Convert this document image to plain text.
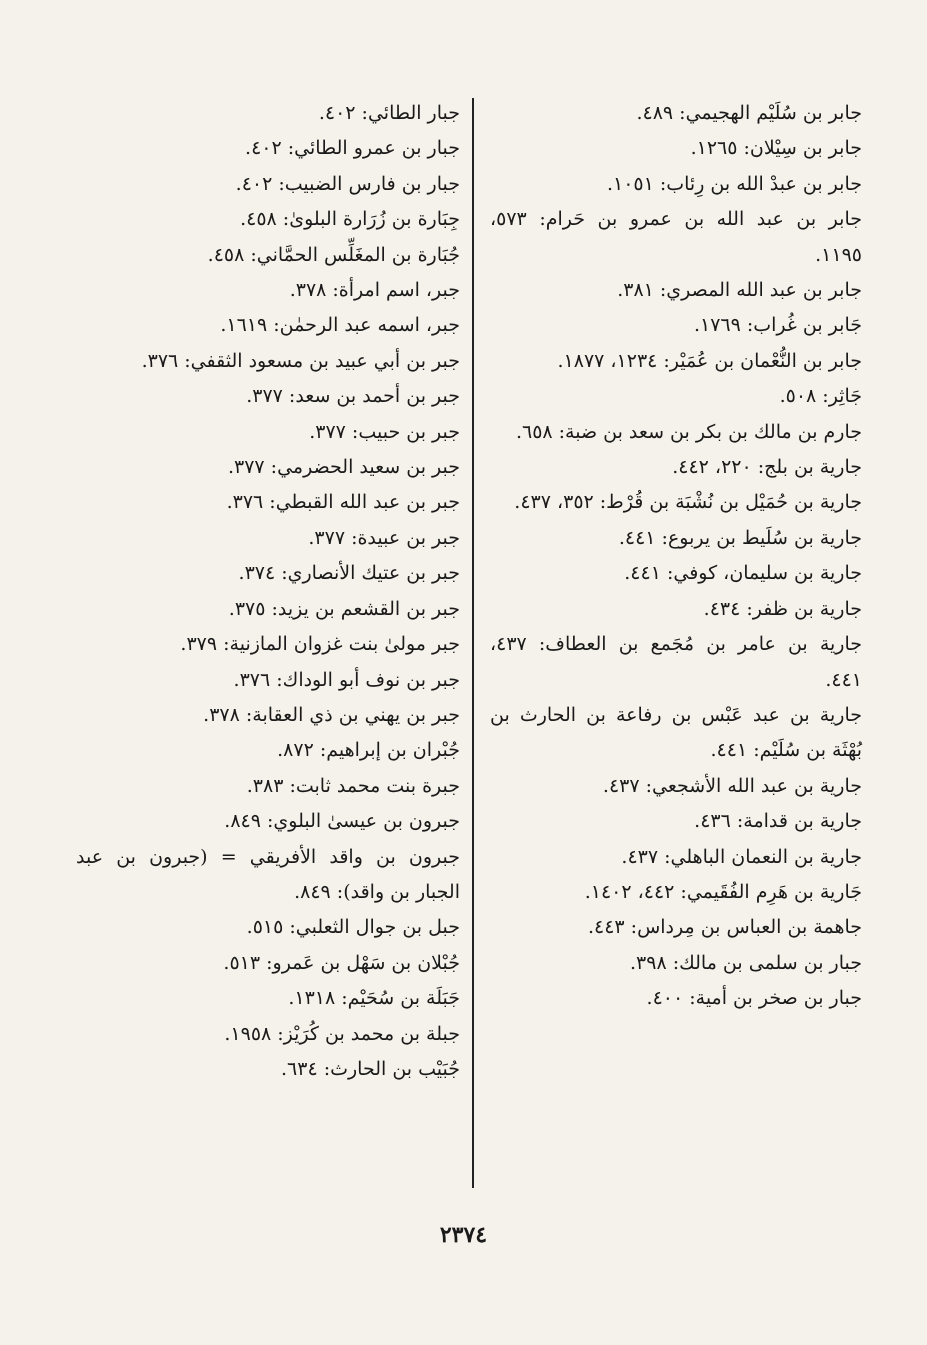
جابر بن سُلَيْم الهجيمي: ٤٨٩.
جابر بن سِيْلان: ١٢٦٥.
جابر بن عبدْ الله بن رِئاب: ١٠٥١.
جابر بن عبد الله بن عمرو بن حَرام: ٥٧٣، ١١٩٥.
جابر بن عبد الله المصري: ٣٨١.
جَابر بن غُراب: ١٧٦٩.
جابر بن النُّعْمان بن عُمَيْر: ١٢٣٤، ١٨٧٧.
جَاثِر: ٥٠٨.
جارم بن مالك بن بكر بن سعد بن ضبة: ٦٥٨.
جارية بن بلج: ٢٢٠، ٤٤٢.
جارية بن حُمَيْل بن نُشْبَة بن قُرْط: ٣٥٢، ٤٣٧.
جارية بن سُلَيط بن يربوع: ٤٤١.
جارية بن سليمان، كوفي: ٤٤١.
جارية بن ظفر: ٤٣٤.
جارية بن عامر بن مُجَمع بن العطاف: ٤٣٧، ٤٤١.
جارية بن عبد عَبْس بن رفاعة بن الحارث بن بُهْثَة بن سُلَيْم: ٤٤١.
جارية بن عبد الله الأشجعي: ٤٣٧.
جارية بن قدامة: ٤٣٦.
جارية بن النعمان الباهلي: ٤٣٧.
جَارية بن هَرِم الفُقَيمي: ٤٤٢، ١٤٠٢.
جاهمة بن العباس بن مِرداس: ٤٤٣.
جبار بن سلمى بن مالك: ٣٩٨.
جبار بن صخر بن أمية: ٤٠٠.
جبار الطائي: ٤٠٢.
جبار بن عمرو الطائي: ٤٠٢.
جبار بن فارس الضبيب: ٤٠٢.
جِبَارة بن زُرَارة البلوىٰ: ٤٥٨.
جُبَارة بن المغَلِّس الحمَّاني: ٤٥٨.
جبر، اسم امرأة: ٣٧٨.
جبر، اسمه عبد الرحمٰن: ١٦١٩.
جبر بن أبي عبيد بن مسعود الثقفي: ٣٧٦.
جبر بن أحمد بن سعد: ٣٧٧.
جبر بن حبيب: ٣٧٧.
جبر بن سعيد الحضرمي: ٣٧٧.
جبر بن عبد الله القبطي: ٣٧٦.
جبر بن عبيدة: ٣٧٧.
جبر بن عتيك الأنصاري: ٣٧٤.
جبر بن القشعم بن يزيد: ٣٧٥.
جبر مولىٰ بنت غزوان المازنية: ٣٧٩.
جبر بن نوف أبو الوداك: ٣٧٦.
جبر بن يهني بن ذي العقابة: ٣٧٨.
جُبْران بن إبراهيم: ٨٧٢.
جبرة بنت محمد ثابت: ٣٨٣.
جبرون بن عيسىٰ البلوي: ٨٤٩.
جبرون بن واقد الأفريقي = (جبرون بن عبد الجبار بن واقد): ٨٤٩.
جبل بن جوال الثعلبي: ٥١٥.
جُبْلان بن سَهْل بن عَمرو: ٥١٣.
جَبَلَة بن سُحَيْم: ١٣١٨.
جبلة بن محمد بن كُرَيْز: ١٩٥٨.
جُبَيْب بن الحارث: ٦٣٤.
٢٣٧٤
